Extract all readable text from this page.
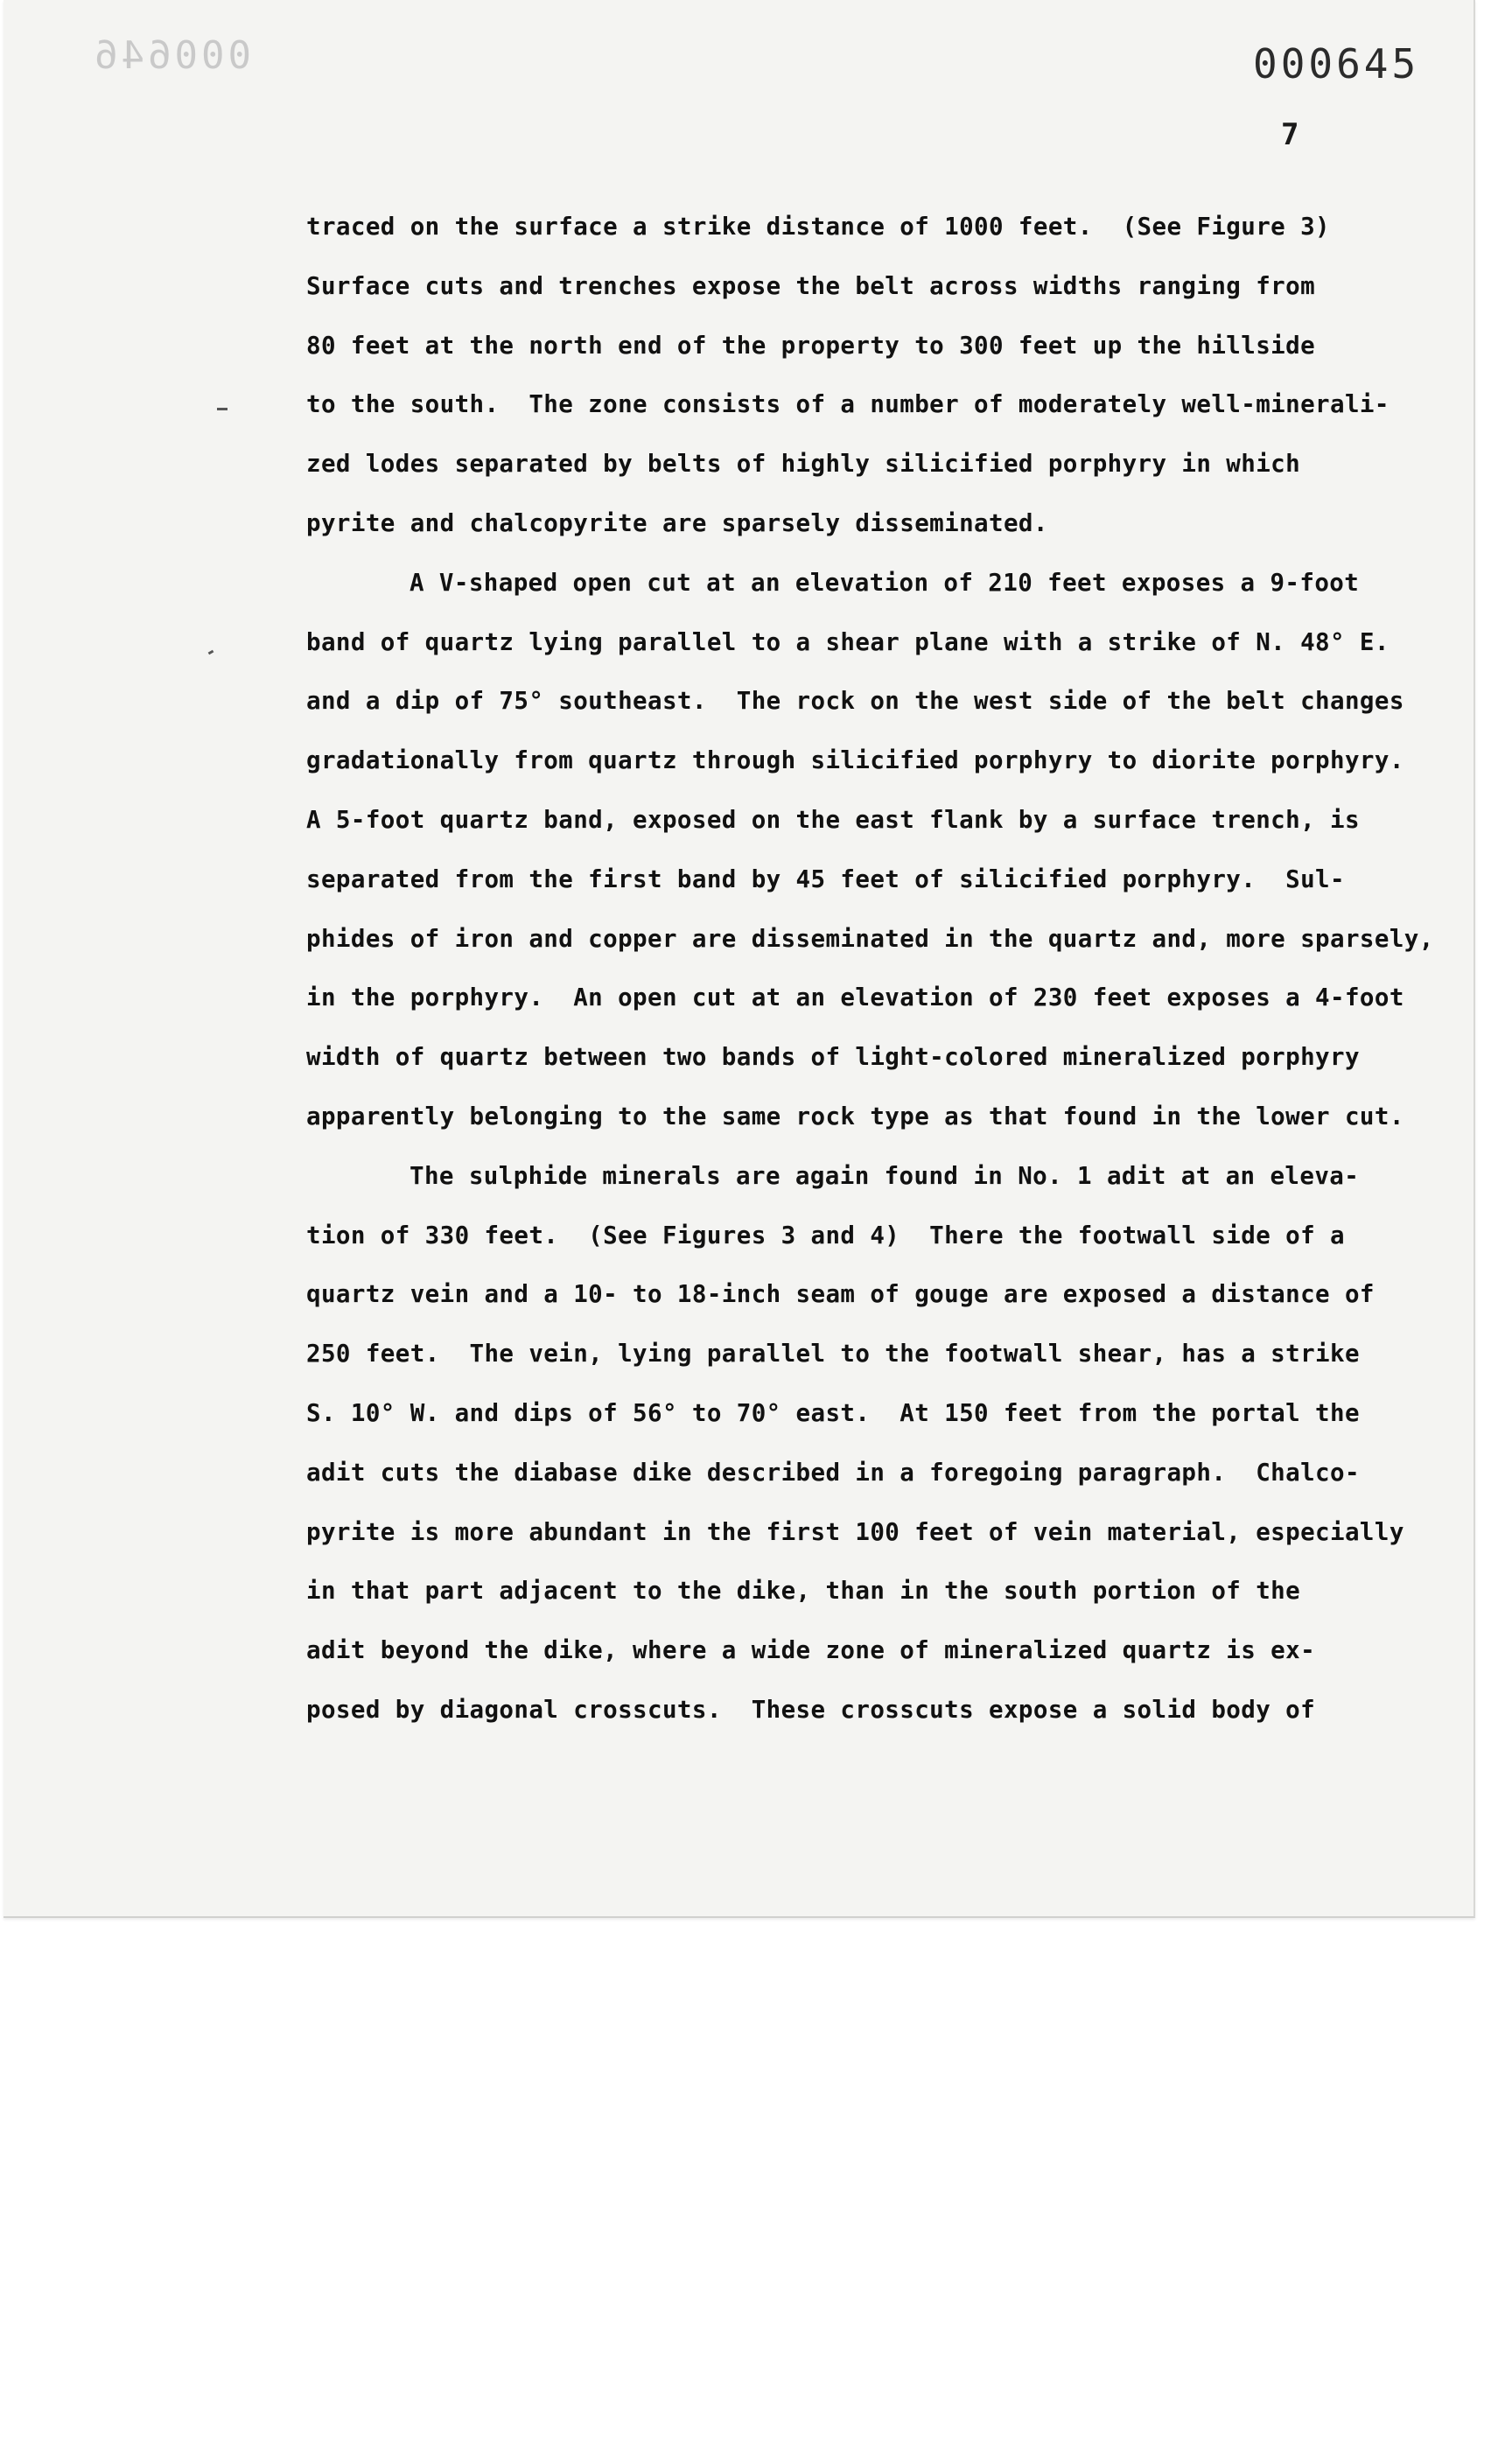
000646	000645
7
traced on the surface a strike distance of 1000 feet.  (See Figure 3)
Surface cuts and trenches expose the belt across widths ranging from
80 feet at the north end of the property to 300 feet up the hillside
to the south.  The zone consists of a number of moderately well-minerali-
zed lodes separated by belts of highly silicified porphyry in which
pyrite and chalcopyrite are sparsely disseminated.
A V-shaped open cut at an elevation of 210 feet exposes a 9-foot
band of quartz lying parallel to a shear plane with a strike of N. 48° E.
and a dip of 75° southeast.  The rock on the west side of the belt changes
gradationally from quartz through silicified porphyry to diorite porphyry.
A 5-foot quartz band, exposed on the east flank by a surface trench, is
separated from the first band by 45 feet of silicified porphyry.  Sul-
phides of iron and copper are disseminated in the quartz and, more sparsely,
in the porphyry.  An open cut at an elevation of 230 feet exposes a 4-foot
width of quartz between two bands of light-colored mineralized porphyry
apparently belonging to the same rock type as that found in the lower cut.
The sulphide minerals are again found in No. 1 adit at an eleva-
tion of 330 feet.  (See Figures 3 and 4)  There the footwall side of a
quartz vein and a 10- to 18-inch seam of gouge are exposed a distance of
250 feet.  The vein, lying parallel to the footwall shear, has a strike
S. 10° W. and dips of 56° to 70° east.  At 150 feet from the portal the
adit cuts the diabase dike described in a foregoing paragraph.  Chalco-
pyrite is more abundant in the first 100 feet of vein material, especially
in that part adjacent to the dike, than in the south portion of the
adit beyond the dike, where a wide zone of mineralized quartz is ex-
posed by diagonal crosscuts.  These crosscuts expose a solid body of
